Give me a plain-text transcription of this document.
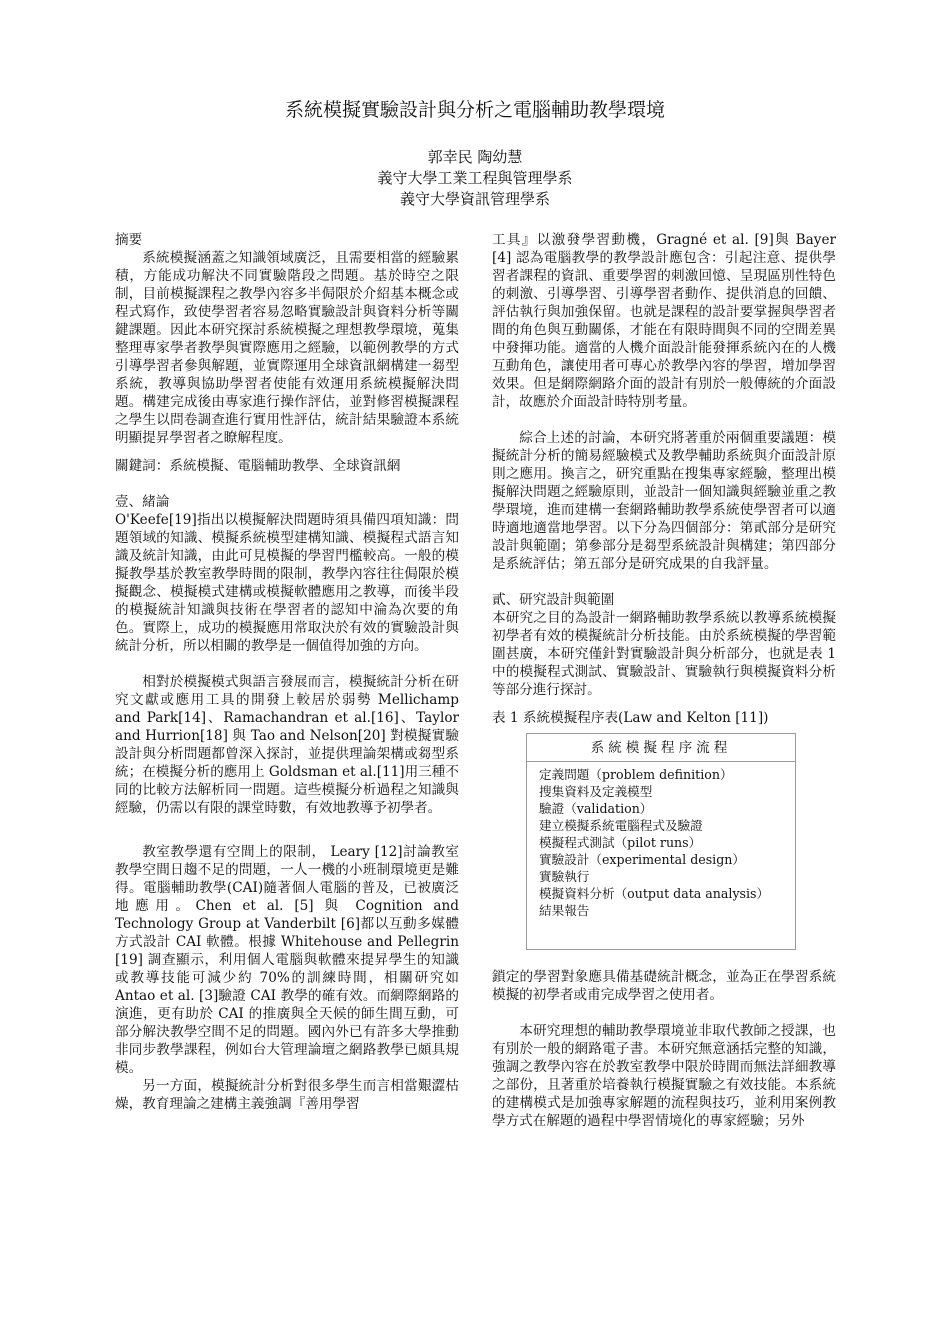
系統模擬實驗設計與分析之電腦輔助教學環境
郭幸民 陶幼慧
義守大學工業工程與管理學系
義守大學資訊管理學系

摘要

系統模擬涵蓋之知識領域廣泛，且需要相當的經驗累積，方能成功解決不同實驗階段之問題。基於時空之限制，目前模擬課程之教學內容多半侷限於介紹基本概念或程式寫作，致使學習者容易忽略實驗設計與資料分析等關鍵課題。因此本研究探討系統模擬之理想教學環境，蒐集整理專家學者教學與實際應用之經驗，以範例教學的方式引導學習者參與解題，並實際運用全球資訊網構建一芻型系統，教導與協助學習者使能有效運用系統模擬解決問題。構建完成後由專家進行操作評估，並對修習模擬課程之學生以問卷調查進行實用性評估，統計結果驗證本系統明顯提昇學習者之瞭解程度。

關鍵詞：系統模擬、電腦輔助教學、全球資訊網

壹、緒論

O'Keefe[19]指出以模擬解決問題時須具備四項知識：問題領域的知識、模擬系統模型建構知識、模擬程式語言知識及統計知識，由此可見模擬的學習門檻較高。一般的模擬教學基於教室教學時間的限制，教學內容往往侷限於模擬觀念、模擬模式建構或模擬軟體應用之教導，而後半段的模擬統計知識與技術在學習者的認知中淪為次要的角色。實際上，成功的模擬應用常取決於有效的實驗設計與統計分析，所以相關的教學是一個值得加強的方向。

相對於模擬模式與語言發展而言，模擬統計分析在研究文獻或應用工具的開發上較居於弱勢 Mellichamp and Park[14]、Ramachandran et al.[16]、Taylor and Hurrion[18] 與 Tao and Nelson[20] 對模擬實驗設計與分析問題都曾深入探討，並提供理論架構或芻型系統；在模擬分析的應用上 Goldsman et al.[11]用三種不同的比較方法解析同一問題。這些模擬分析過程之知識與經驗，仍需以有限的課堂時數，有效地教導予初學者。

教室教學還有空間上的限制， Leary [12]討論教室教學空間日趨不足的問題，一人一機的小班制環境更是難得。電腦輔助教學(CAI)隨著個人電腦的普及，已被廣泛地應用。Chen et al. [5] 與 Cognition and Technology Group at Vanderbilt [6]都以互動多媒體方式設計 CAI 軟體。根據 Whitehouse and Pellegrin [19] 調查顯示，利用個人電腦與軟體來提昇學生的知識或教導技能可減少約 70%的訓練時間，相關研究如 Antao et al. [3]驗證 CAI 教學的確有效。而網際網路的演進，更有助於 CAI 的推廣與全天候的師生間互動，可部分解決教學空間不足的問題。國內外已有許多大學推動非同步教學課程，例如台大管理論壇之網路教學已頗具規模。

另一方面，模擬統計分析對很多學生而言相當艱澀枯燥，教育理論之建構主義強調『善用學習

工具』以激發學習動機，Gragné et al. [9]與 Bayer [4] 認為電腦教學的教學設計應包含：引起注意、提供學習者課程的資訊、重要學習的刺激回憶、呈現區別性特色的刺激、引導學習、引導學習者動作、提供消息的回饋、評估執行與加強保留。也就是課程的設計要掌握與學習者間的角色與互動關係，才能在有限時間與不同的空間差異中發揮功能。適當的人機介面設計能發揮系統內在的人機互動角色，讓使用者可專心於教學內容的學習，增加學習效果。但是網際網路介面的設計有別於一般傳統的介面設計，故應於介面設計時特別考量。

綜合上述的討論，本研究將著重於兩個重要議題：模擬統計分析的簡易經驗模式及教學輔助系統與介面設計原則之應用。換言之，研究重點在搜集專家經驗，整理出模擬解決問題之經驗原則，並設計一個知識與經驗並重之教學環境，進而建構一套網路輔助教學系統使學習者可以適時適地適當地學習。以下分為四個部分：第貳部分是研究設計與範圍；第參部分是芻型系統設計與構建；第四部分是系統評估；第五部分是研究成果的自我評量。

貳、研究設計與範圍

本研究之目的為設計一網路輔助教學系統以教導系統模擬初學者有效的模擬統計分析技能。由於系統模擬的學習範圍甚廣，本研究僅針對實驗設計與分析部分，也就是表 1 中的模擬程式測試、實驗設計、實驗執行與模擬資料分析等部分進行探討。

表 1 系統模擬程序表(Law and Kelton [11])

系統模擬程序流程

定義問題（problem definition）

搜集資料及定義模型

驗證（validation）

建立模擬系統電腦程式及驗證

模擬程式測試（pilot runs）

實驗設計（experimental design）

實驗執行

模擬資料分析（output data analysis）

結果報告

鎖定的學習對象應具備基礎統計概念，並為正在學習系統模擬的初學者或甫完成學習之使用者。

本研究理想的輔助教學環境並非取代教師之授課，也有別於一般的網路電子書。本研究無意涵括完整的知識，強調之教學內容在於教室教學中限於時間而無法詳細教導之部份，且著重於培養執行模擬實驗之有效技能。本系統的建構模式是加強專家解題的流程與技巧，並利用案例教學方式在解題的過程中學習情境化的專家經驗；另外
